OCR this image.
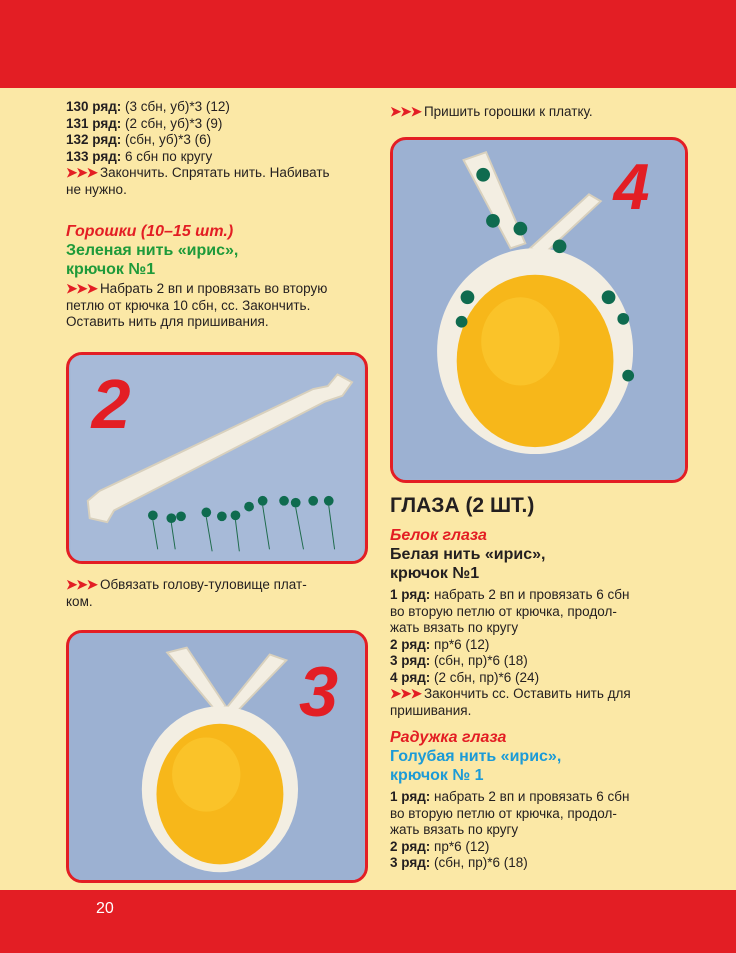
130 ряд: (3 сбн, уб)*3 (12)
131 ряд: (2 сбн, уб)*3 (9)
132 ряд: (сбн, уб)*3 (6)
133 ряд: 6 сбн по кругу
➤➤➤ Закончить. Спрятать нить. Набивать
не нужно.
Горошки (10–15 шт.)
Зеленая нить «ирис»,
крючок №1
➤➤➤ Набрать 2 вп и провязать во вторую
петлю от крючка 10 сбн, сс. Закончить.
Оставить нить для пришивания.
2
➤➤➤ Обвязать голову-туловище плат-
ком.
3
➤➤➤ Пришить горошки к платку.
4
ГЛАЗА (2 ШТ.)
Белок глаза
Белая нить «ирис»,
крючок №1
1 ряд: набрать 2 вп и провязать 6 сбн
во вторую петлю от крючка, продол-
жать вязать по кругу
2 ряд: пр*6 (12)
3 ряд: (сбн, пр)*6 (18)
4 ряд: (2 сбн, пр)*6 (24)
➤➤➤ Закончить сс. Оставить нить для
пришивания.
Радужка глаза
Голубая нить «ирис»,
крючок № 1
1 ряд: набрать 2 вп и провязать 6 сбн
во вторую петлю от крючка, продол-
жать вязать по кругу
2 ряд: пр*6 (12)
3 ряд: (сбн, пр)*6 (18)
20
